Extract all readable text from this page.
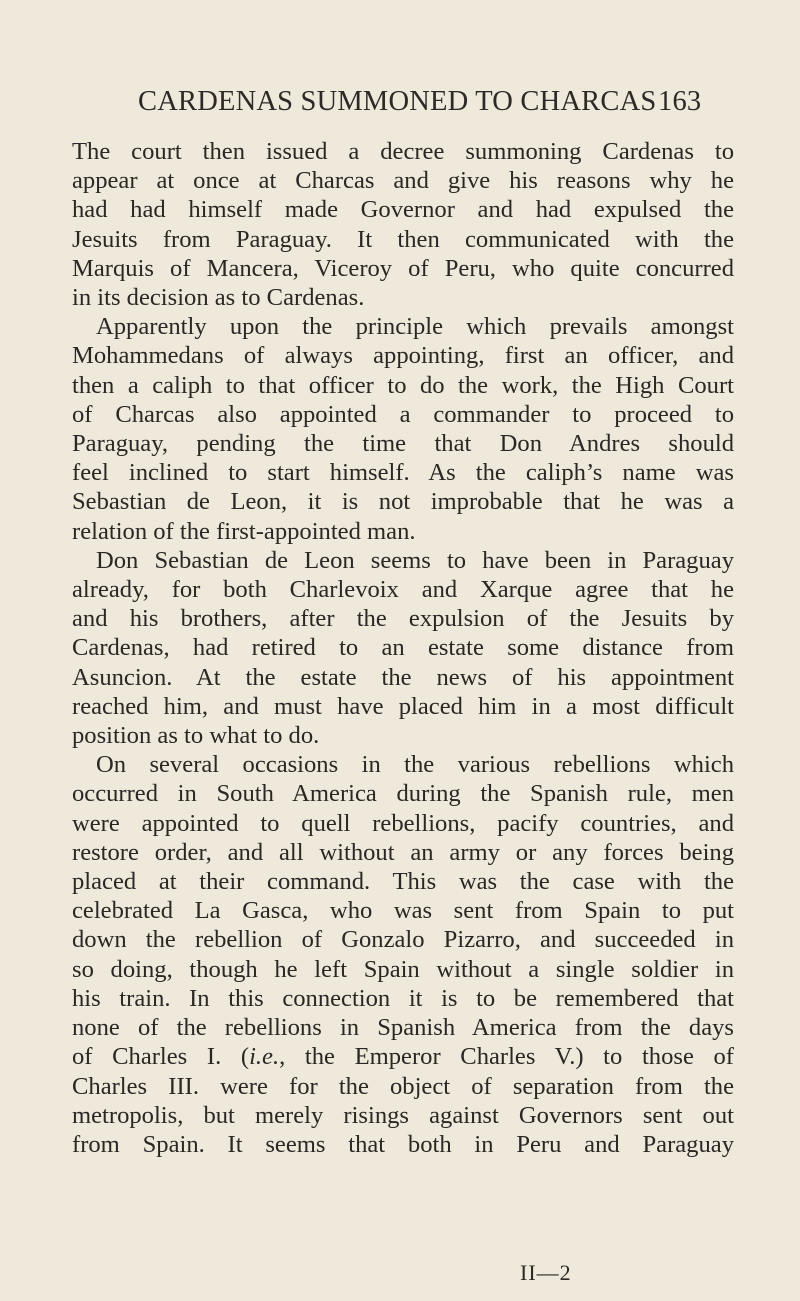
CARDENAS SUMMONED TO CHARCAS 163
The court then issued a decree summoning Cardenas to
appear at once at Charcas and give his reasons why he
had had himself made Governor and had expulsed the
Jesuits from Paraguay. It then communicated with the
Marquis of Mancera, Viceroy of Peru, who quite concurred
in its decision as to Cardenas.
Apparently upon the principle which prevails amongst
Mohammedans of always appointing, first an officer, and
then a caliph to that officer to do the work, the High Court
of Charcas also appointed a commander to proceed to
Paraguay, pending the time that Don Andres should
feel inclined to start himself. As the caliph’s name was
Sebastian de Leon, it is not improbable that he was a
relation of the first-appointed man.
Don Sebastian de Leon seems to have been in Paraguay
already, for both Charlevoix and Xarque agree that he
and his brothers, after the expulsion of the Jesuits by
Cardenas, had retired to an estate some distance from
Asuncion. At the estate the news of his appointment
reached him, and must have placed him in a most difficult
position as to what to do.
On several occasions in the various rebellions which
occurred in South America during the Spanish rule, men
were appointed to quell rebellions, pacify countries, and
restore order, and all without an army or any forces being
placed at their command. This was the case with the
celebrated La Gasca, who was sent from Spain to put
down the rebellion of Gonzalo Pizarro, and succeeded in
so doing, though he left Spain without a single soldier in
his train. In this connection it is to be remembered that
none of the rebellions in Spanish America from the days
of Charles I. (i.e., the Emperor Charles V.) to those of
Charles III. were for the object of separation from the
metropolis, but merely risings against Governors sent out
from Spain. It seems that both in Peru and Paraguay
II—2
